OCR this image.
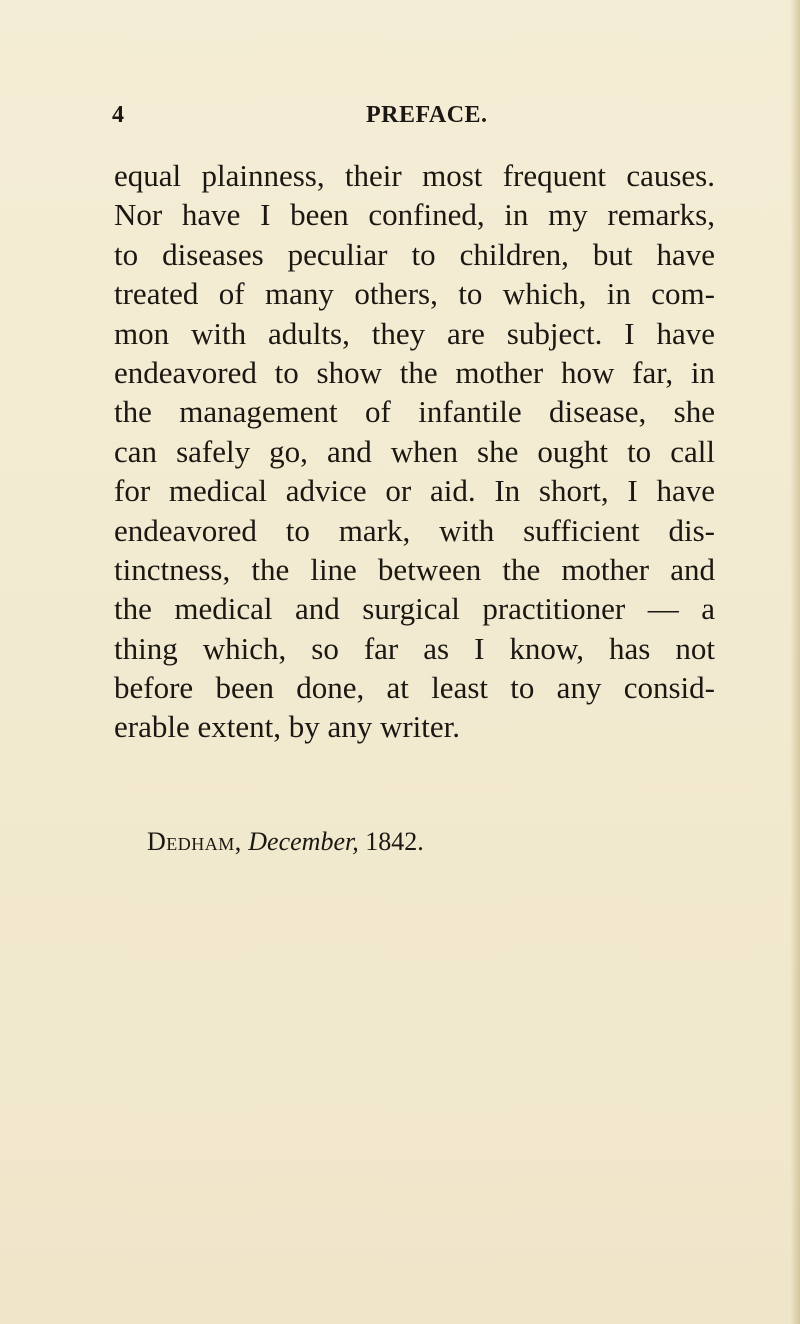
4	PREFACE.
equal plainness, their most frequent causes.
Nor have I been confined, in my remarks,
to diseases peculiar to children, but have
treated of many others, to which, in com-
mon with adults, they are subject. I have
endeavored to show the mother how far, in
the management of infantile disease, she
can safely go, and when she ought to call
for medical advice or aid. In short, I have
endeavored to mark, with sufficient dis-
tinctness, the line between the mother and
the medical and surgical practitioner — a
thing which, so far as I know, has not
before been done, at least to any consid-
erable extent, by any writer.
Dedham, December, 1842.
